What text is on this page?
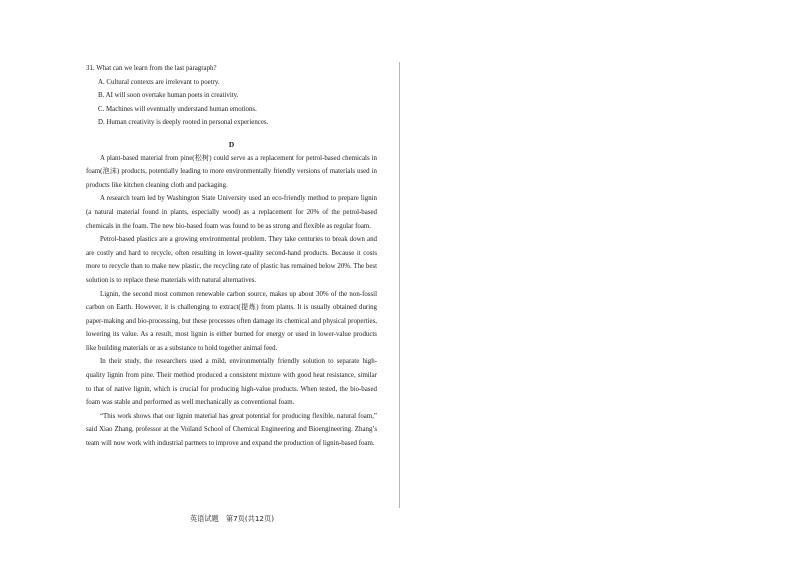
31. What can we learn from the last paragraph?

A. Cultural contexts are irrelevant to poetry.

B. AI will soon overtake human poets in creativity.

C. Machines will eventually understand human emotions.

D. Human creativity is deeply rooted in personal experiences.

D

A plant-based material from pine(松树) could serve as a replacement for petrol-based chemicals in foam(泡沫) products, potentially leading to more environmentally friendly versions of materials used in products like kitchen cleaning cloth and packaging.

A research team led by Washington State University used an eco-friendly method to prepare lignin (a natural material found in plants, especially wood) as a replacement for 20% of the petrol-based chemicals in the foam. The new bio-based foam was found to be as strong and flexible as regular foam.

Petrol-based plastics are a growing environmental problem. They take centuries to break down and are costly and hard to recycle, often resulting in lower-quality second-hand products. Because it costs more to recycle than to make new plastic, the recycling rate of plastic has remained below 20%. The best solution is to replace these materials with natural alternatives.

Lignin, the second most common renewable carbon source, makes up about 30% of the non-fossil carbon on Earth. However, it is challenging to extract(提炼) from plants. It is usually obtained during paper-making and bio-processing, but these processes often damage its chemical and physical properties, lowering its value. As a result, most lignin is either burned for energy or used in lower-value products like building materials or as a substance to hold together animal feed.

In their study, the researchers used a mild, environmentally friendly solution to separate high-quality lignin from pine. Their method produced a consistent mixture with good heat resistance, similar to that of native lignin, which is crucial for producing high-value products. When tested, the bio-based foam was stable and performed as well mechanically as conventional foam.

“This work shows that our lignin material has great potential for producing flexible, natural foam,” said Xiao Zhang, professor at the Voiland School of Chemical Engineering and Bioengineering. Zhang’s team will now work with industrial partners to improve and expand the production of lignin-based foam.

英语试题　第7页(共12页)
